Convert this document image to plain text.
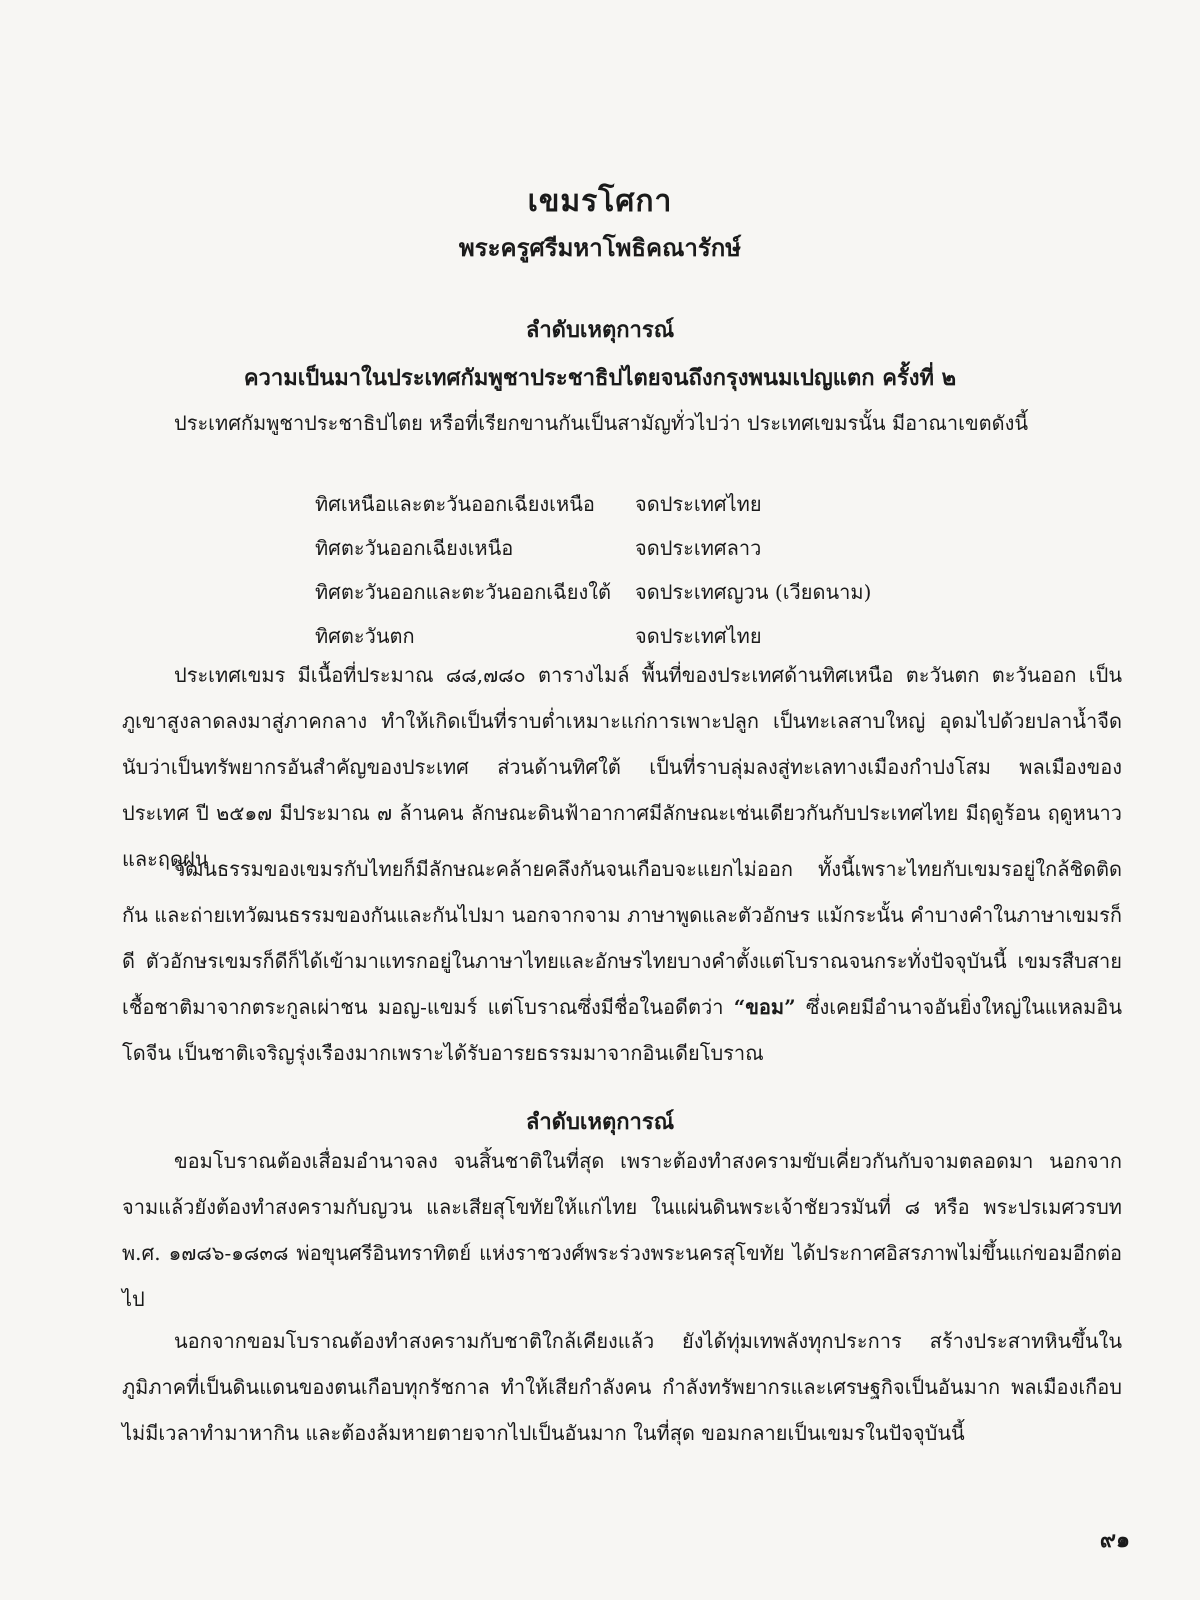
เขมรโศกา
พระครูศรีมหาโพธิคณารักษ์
ลำดับเหตุการณ์
ความเป็นมาในประเทศกัมพูชาประชาธิปไตยจนถึงกรุงพนมเปญแตก ครั้งที่ ๒
ประเทศกัมพูชาประชาธิปไตย หรือที่เรียกขานกันเป็นสามัญทั่วไปว่า ประเทศเขมรนั้น มีอาณาเขตดังนี้
ทิศเหนือและตะวันออกเฉียงเหนือ	จดประเทศไทย
ทิศตะวันออกเฉียงเหนือ	จดประเทศลาว
ทิศตะวันออกและตะวันออกเฉียงใต้	จดประเทศญวน (เวียดนาม)
ทิศตะวันตก	จดประเทศไทย
ประเทศเขมร มีเนื้อที่ประมาณ ๘๘,๗๘๐ ตารางไมล์ พื้นที่ของประเทศด้านทิศเหนือ ตะวันตก ตะวันออก เป็นภูเขาสูงลาดลงมาสู่ภาคกลาง ทำให้เกิดเป็นที่ราบต่ำเหมาะแก่การเพาะปลูก เป็นทะเลสาบใหญ่ อุดมไปด้วยปลาน้ำจืด นับว่าเป็นทรัพยากรอันสำคัญของประเทศ ส่วนด้านทิศใต้ เป็นที่ราบลุ่มลงสู่ทะเลทางเมืองกำปงโสม พลเมืองของประเทศ ปี ๒๕๑๗ มีประมาณ ๗ ล้านคน ลักษณะดินฟ้าอากาศมีลักษณะเช่นเดียวกันกับประเทศไทย มีฤดูร้อน ฤดูหนาว และฤดูฝน
วัฒนธรรมของเขมรกับไทยก็มีลักษณะคล้ายคลึงกันจนเกือบจะแยกไม่ออก ทั้งนี้เพราะไทยกับเขมรอยู่ใกล้ชิดติดกัน และถ่ายเทวัฒนธรรมของกันและกันไปมา นอกจากจาม ภาษาพูดและตัวอักษร แม้กระนั้น คำบางคำในภาษาเขมรก็ดี ตัวอักษรเขมรก็ดีก็ได้เข้ามาแทรกอยู่ในภาษาไทยและอักษรไทยบางคำตั้งแต่โบราณจนกระทั่งปัจจุบันนี้ เขมรสืบสายเชื้อชาติมาจากตระกูลเผ่าชน มอญ-แขมร์ แต่โบราณซึ่งมีชื่อในอดีตว่า “ขอม” ซึ่งเคยมีอำนาจอันยิ่งใหญ่ในแหลมอินโดจีน เป็นชาติเจริญรุ่งเรืองมากเพราะได้รับอารยธรรมมาจากอินเดียโบราณ
ลำดับเหตุการณ์
ขอมโบราณต้องเสื่อมอำนาจลง จนสิ้นชาติในที่สุด เพราะต้องทำสงครามขับเคี่ยวกันกับจามตลอดมา นอกจากจามแล้วยังต้องทำสงครามกับญวน และเสียสุโขทัยให้แก่ไทย ในแผ่นดินพระเจ้าชัยวรมันที่ ๘ หรือ พระปรเมศวรบท พ.ศ. ๑๗๘๖-๑๘๓๘ พ่อขุนศรีอินทราทิตย์ แห่งราชวงศ์พระร่วงพระนครสุโขทัย ได้ประกาศอิสรภาพไม่ขึ้นแก่ขอมอีกต่อไป
นอกจากขอมโบราณต้องทำสงครามกับชาติใกล้เคียงแล้ว ยังได้ทุ่มเทพลังทุกประการ สร้างประสาทหินขึ้นในภูมิภาคที่เป็นดินแดนของตนเกือบทุกรัชกาล ทำให้เสียกำลังคน กำลังทรัพยากรและเศรษฐกิจเป็นอันมาก พลเมืองเกือบไม่มีเวลาทำมาหากิน และต้องล้มหายตายจากไปเป็นอันมาก ในที่สุด ขอมกลายเป็นเขมรในปัจจุบันนี้
๙๑
